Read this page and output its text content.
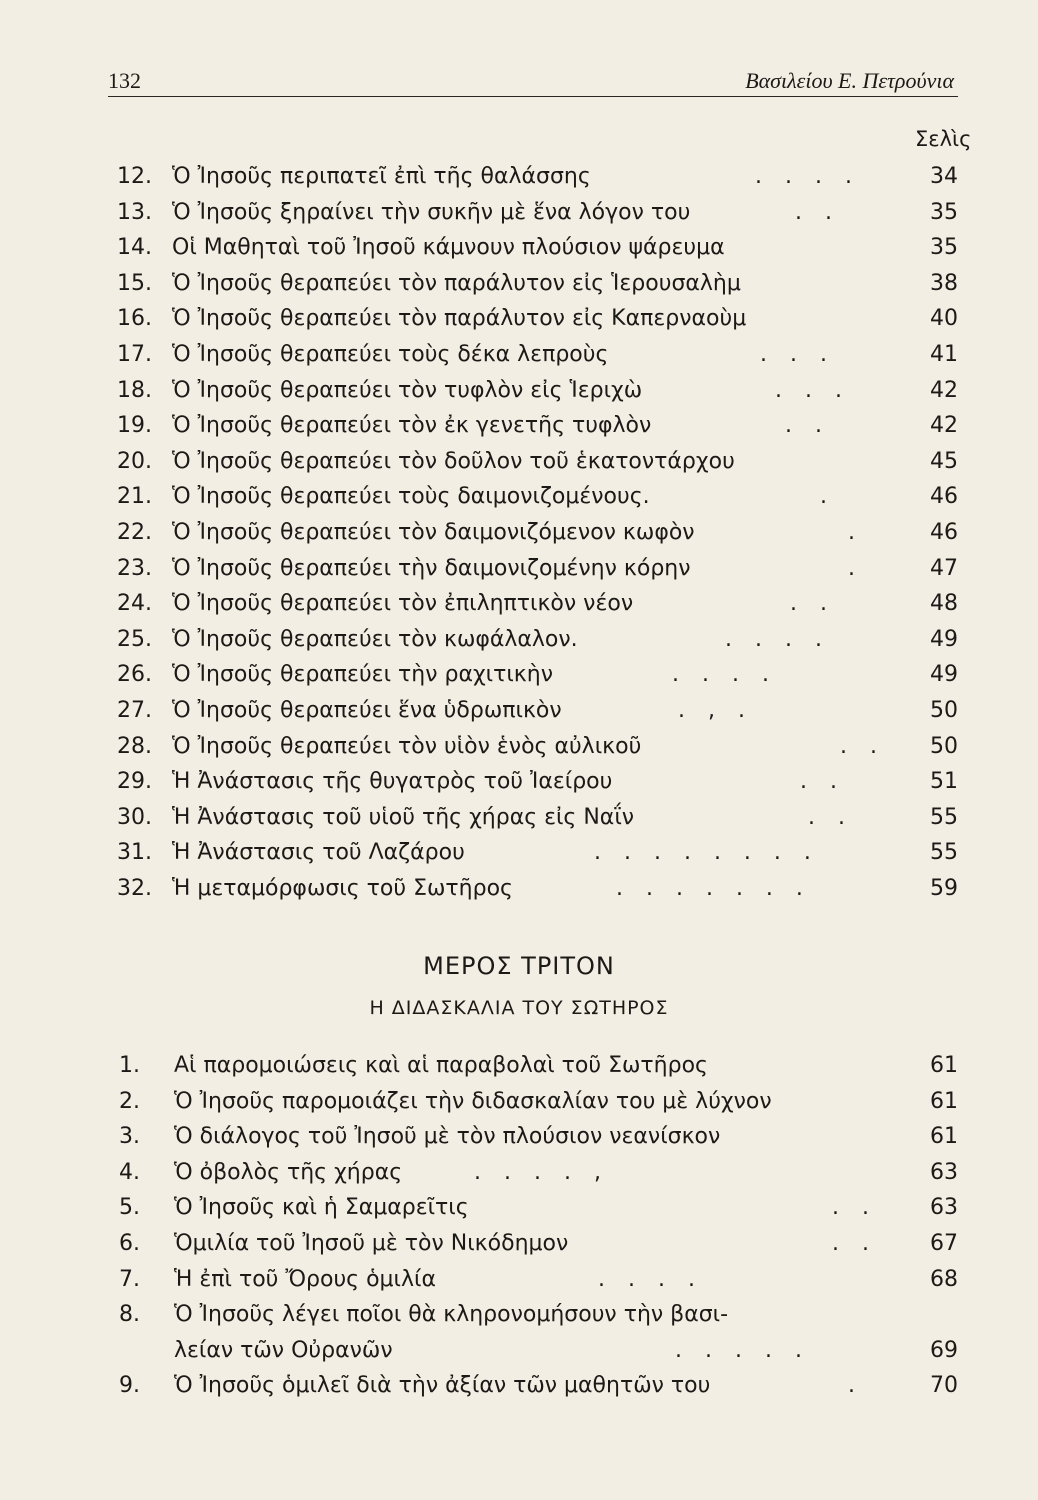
132	Βασιλείου Ε. Πετρούνια
Σελὶς
12. Ὁ Ἰησοῦς περιπατεῖ ἐπὶ τῆς θαλάσσης	. . . .	34
13. Ὁ Ἰησοῦς ξηραίνει τὴν συκῆν μὲ ἕνα λόγον του	. .	35
14. Οἱ Μαθηταὶ τοῦ Ἰησοῦ κάμνουν πλούσιον ψάρευμα	35
15. Ὁ Ἰησοῦς θεραπεύει τὸν παράλυτον εἰς Ἱερουσαλὴμ	38
16. Ὁ Ἰησοῦς θεραπεύει τὸν παράλυτον εἰς Καπερναοὺμ	40
17. Ὁ Ἰησοῦς θεραπεύει τοὺς δέκα λεπροὺς	. . .	41
18. Ὁ Ἰησοῦς θεραπεύει τὸν τυφλὸν εἰς Ἱεριχὼ	. . .	42
19. Ὁ Ἰησοῦς θεραπεύει τὸν ἐκ γενετῆς τυφλὸν	. .	42
20. Ὁ Ἰησοῦς θεραπεύει τὸν δοῦλον τοῦ ἑκατοντάρχου	45
21. Ὁ Ἰησοῦς θεραπεύει τοὺς δαιμονιζομένους.	.	46
22. Ὁ Ἰησοῦς θεραπεύει τὸν δαιμονιζόμενον κωφὸν	.	46
23. Ὁ Ἰησοῦς θεραπεύει τὴν δαιμονιζομένην κόρην	.	47
24. Ὁ Ἰησοῦς θεραπεύει τὸν ἐπιληπτικὸν νέον	. .	48
25. Ὁ Ἰησοῦς θεραπεύει τὸν κωφάλαλον.	. . . .	49
26. Ὁ Ἰησοῦς θεραπεύει τὴν ραχιτικὴν	. . . .	49
27. Ὁ Ἰησοῦς θεραπεύει ἕνα ὑδρωπικὸν	. , .	50
28. Ὁ Ἰησοῦς θεραπεύει τὸν υἱὸν ἑνὸς αὐλικοῦ	. .	50
29. Ἡ Ἀνάστασις τῆς θυγατρὸς τοῦ Ἰαείρου	. .	51
30. Ἡ Ἀνάστασις τοῦ υἱοῦ τῆς χήρας εἰς Ναΐν	. .	55
31. Ἡ Ἀνάστασις τοῦ Λαζάρου	. . . . . . . .	55
32. Ἡ μεταμόρφωσις τοῦ Σωτῆρος	. . . . . . .	59
ΜΕΡΟΣ ΤΡΙΤΟΝ
Η ΔΙΔΑΣΚΑΛΙΑ ΤΟΥ ΣΩΤΗΡΟΣ
1. Αἱ παρομοιώσεις καὶ αἱ παραβολαὶ τοῦ Σωτῆρος	61
2. Ὁ Ἰησοῦς παρομοιάζει τὴν διδασκαλίαν του μὲ λύχνον	61
3. Ὁ διάλογος τοῦ Ἰησοῦ μὲ τὸν πλούσιον νεανίσκον	61
4. Ὁ ὀβολὸς τῆς χήρας	. . . . ,	63
5. Ὁ Ἰησοῦς καὶ ἡ Σαμαρεῖτις	. .	63
6. Ὁμιλία τοῦ Ἰησοῦ μὲ τὸν Νικόδημον	. .	67
7. Ἡ ἐπὶ τοῦ Ὄρους ὁμιλία	. . . .	68
8. Ὁ Ἰησοῦς λέγει ποῖοι θὰ κληρονομήσουν τὴν βασι-
λείαν τῶν Οὐρανῶν	. . . . .	69
9. Ὁ Ἰησοῦς ὁμιλεῖ διὰ τὴν ἀξίαν τῶν μαθητῶν του	.	70
